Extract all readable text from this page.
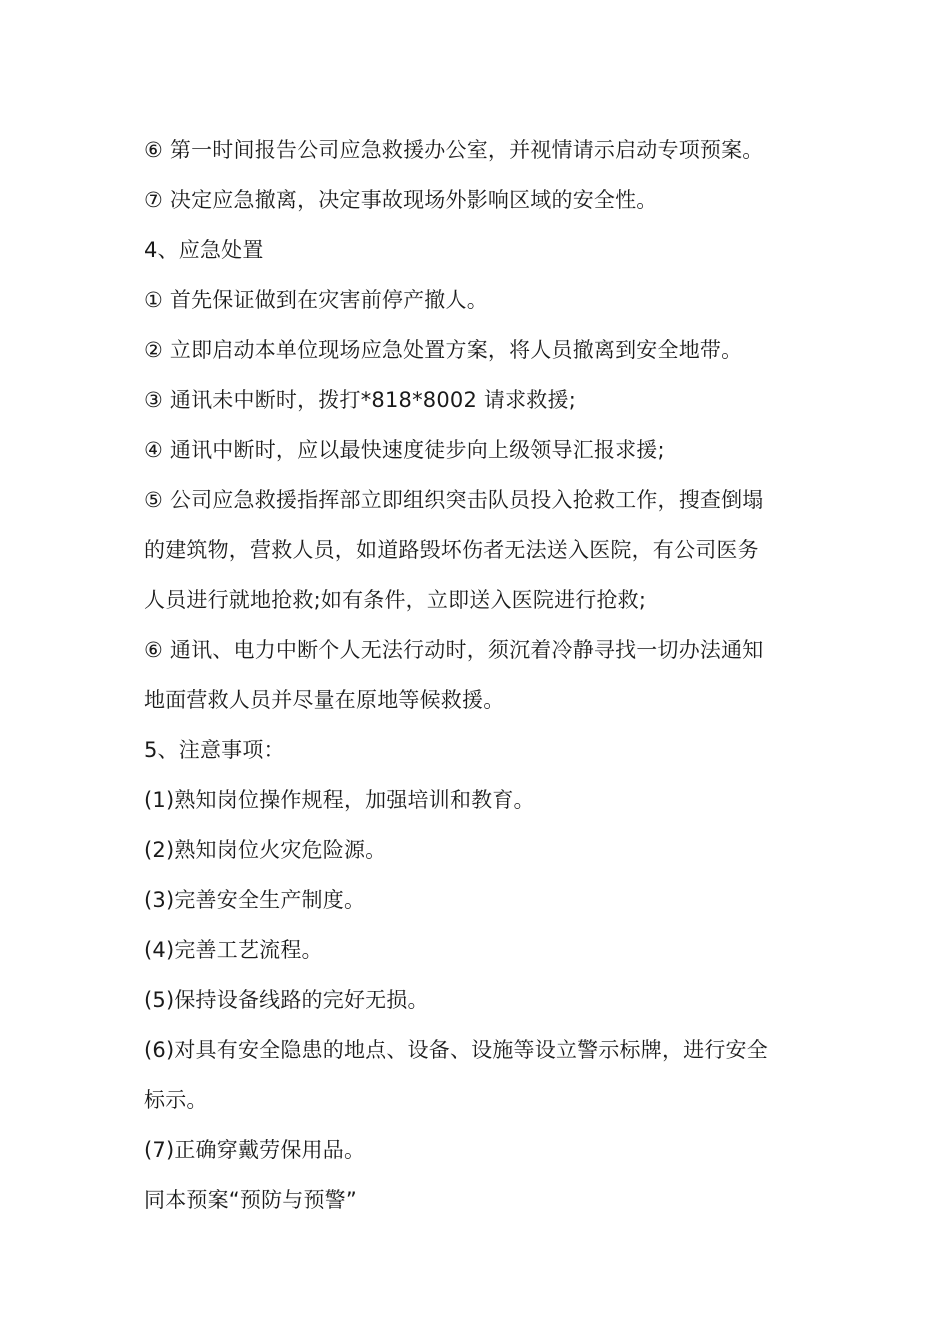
⑥ 第一时间报告公司应急救援办公室，并视情请示启动专项预案。
⑦ 决定应急撤离，决定事故现场外影响区域的安全性。
4、应急处置
① 首先保证做到在灾害前停产撤人。
② 立即启动本单位现场应急处置方案，将人员撤离到安全地带。
③ 通讯未中断时，拨打*818*8002 请求救援;
④ 通讯中断时，应以最快速度徒步向上级领导汇报求援;
⑤ 公司应急救援指挥部立即组织突击队员投入抢救工作，搜查倒塌
的建筑物，营救人员，如道路毁坏伤者无法送入医院，有公司医务
人员进行就地抢救;如有条件，立即送入医院进行抢救;
⑥ 通讯、电力中断个人无法行动时，须沉着冷静寻找一切办法通知
地面营救人员并尽量在原地等候救援。
5、注意事项：
(1)熟知岗位操作规程，加强培训和教育。
(2)熟知岗位火灾危险源。
(3)完善安全生产制度。
(4)完善工艺流程。
(5)保持设备线路的完好无损。
(6)对具有安全隐患的地点、设备、设施等设立警示标牌，进行安全
标示。
(7)正确穿戴劳保用品。
同本预案“预防与预警”
